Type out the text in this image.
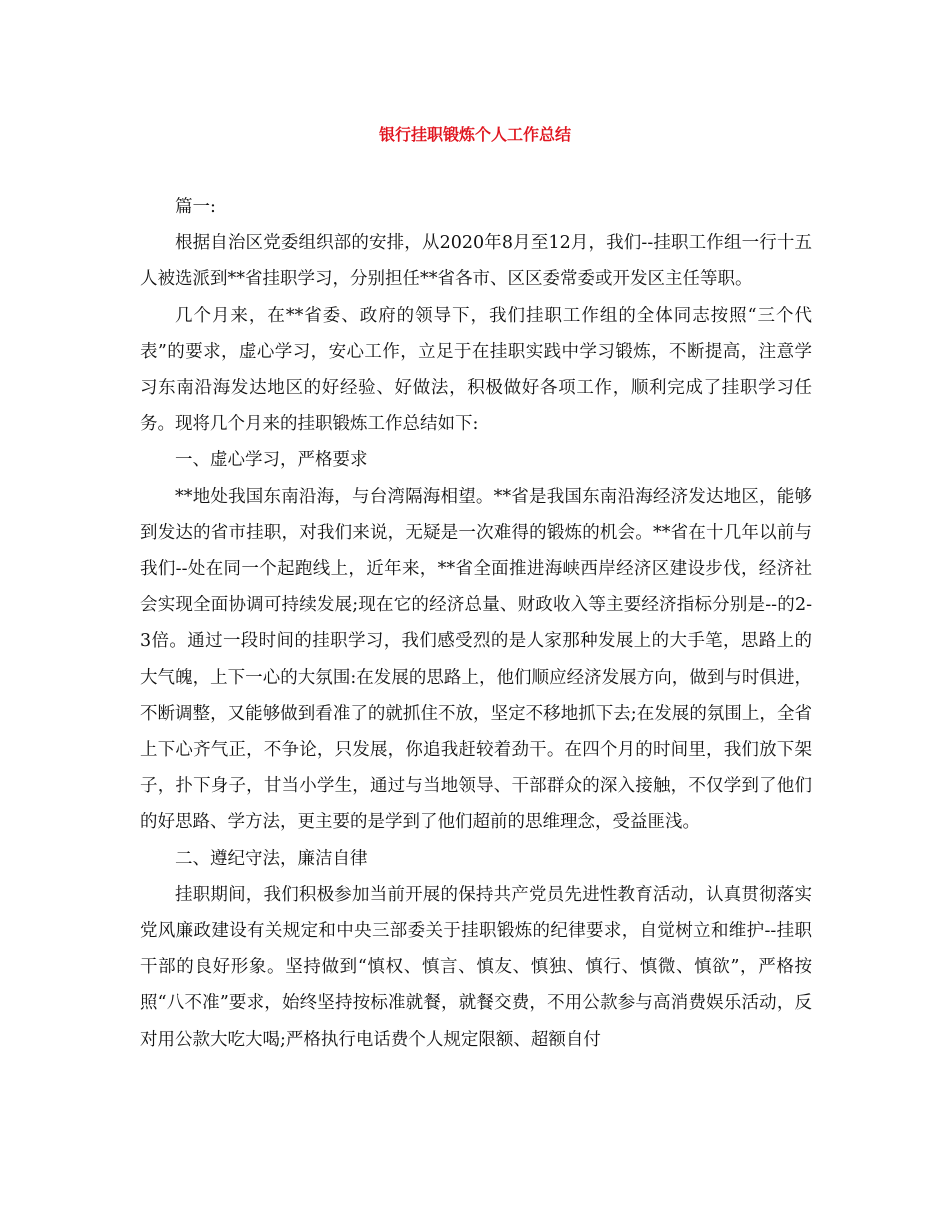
银行挂职锻炼个人工作总结

篇一:

根据自治区党委组织部的安排，从2020年8月至12月，我们--挂职工作组一行十五人被选派到**省挂职学习，分别担任**省各市、区区委常委或开发区主任等职。

几个月来，在**省委、政府的领导下，我们挂职工作组的全体同志按照“三个代表”的要求，虚心学习，安心工作，立足于在挂职实践中学习锻炼，不断提高，注意学习东南沿海发达地区的好经验、好做法，积极做好各项工作，顺利完成了挂职学习任务。现将几个月来的挂职锻炼工作总结如下:

一、虚心学习，严格要求

**地处我国东南沿海，与台湾隔海相望。**省是我国东南沿海经济发达地区，能够到发达的省市挂职，对我们来说，无疑是一次难得的锻炼的机会。**省在十几年以前与我们--处在同一个起跑线上，近年来，**省全面推进海峡西岸经济区建设步伐，经济社会实现全面协调可持续发展;现在它的经济总量、财政收入等主要经济指标分别是--的2-3倍。通过一段时间的挂职学习，我们感受烈的是人家那种发展上的大手笔，思路上的大气魄，上下一心的大氛围:在发展的思路上，他们顺应经济发展方向，做到与时俱进，不断调整，又能够做到看准了的就抓住不放，坚定不移地抓下去;在发展的氛围上，全省上下心齐气正，不争论，只发展，你追我赶较着劲干。在四个月的时间里，我们放下架子，扑下身子，甘当小学生，通过与当地领导、干部群众的深入接触，不仅学到了他们的好思路、学方法，更主要的是学到了他们超前的思维理念，受益匪浅。

二、遵纪守法，廉洁自律

挂职期间，我们积极参加当前开展的保持共产党员先进性教育活动，认真贯彻落实党风廉政建设有关规定和中央三部委关于挂职锻炼的纪律要求，自觉树立和维护--挂职干部的良好形象。坚持做到“慎权、慎言、慎友、慎独、慎行、慎微、慎欲”，严格按照“八不准”要求，始终坚持按标准就餐，就餐交费，不用公款参与高消费娱乐活动，反对用公款大吃大喝;严格执行电话费个人规定限额、超额自付
